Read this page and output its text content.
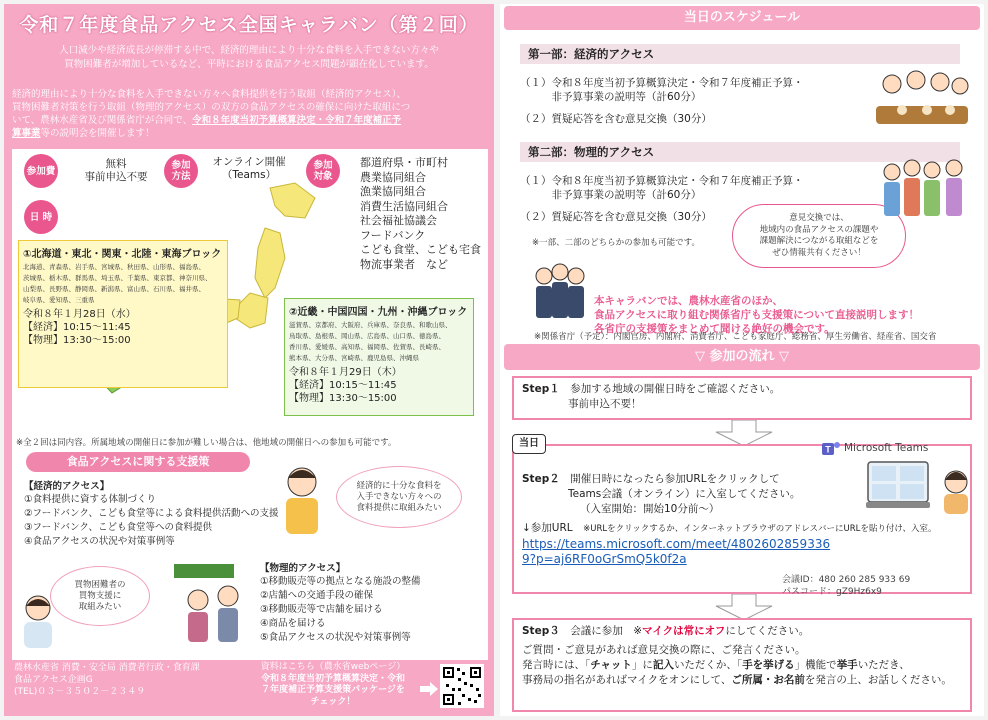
令和７年度食品アクセス全国キャラバン（第２回）
人口減少や経済成長が停滞する中で、経済的理由により十分な食料を入手できない方々や
買物困難者が増加しているなど、平時における食品アクセス問題が顕在化しています。
経済的理由により十分な食料を入手できない方々へ食料提供を行う取組（経済的アクセス）、
買物困難者対策を行う取組（物理的アクセス）の双方の食品アクセスの確保に向けた取組につ
いて、農林水産省及び関係省庁が合同で、令和８年度当初予算概算決定・令和７年度補正予
算事業等の説明会を開催します！
参加費
無料
事前申込不要
参加
方法
オンライン開催
（Teams）
参加
対象
都道府県・市町村
農業協同組合
漁業協同組合
消費生活協同組合
社会福祉協議会
フードバンク
こども食堂、こども宅食
物流事業者　など
日 時
①北海道・東北・関東・北陸・東海ブロック
北海道、青森県、岩手県、宮城県、秋田県、山形県、福島県、
茨城県、栃木県、群馬県、埼玉県、千葉県、東京都、神奈川県、
山梨県、長野県、静岡県、新潟県、富山県、石川県、福井県、
岐阜県、愛知県、三重県
令和８年１月28日（水）
【経済】10:15～11:45
【物理】13:30～15:00
②近畿・中国四国・九州・沖縄ブロック
滋賀県、京都府、大阪府、兵庫県、奈良県、和歌山県、
鳥取県、島根県、岡山県、広島県、山口県、徳島県、
香川県、愛媛県、高知県、福岡県、佐賀県、長崎県、
熊本県、大分県、宮崎県、鹿児島県、沖縄県
令和８年１月29日（木）
【経済】10:15～11:45
【物理】13:30～15:00
※全２回は同内容。所属地域の開催日に参加が難しい場合は、他地域の開催日への参加も可能です。
食品アクセスに関する支援策
【経済的アクセス】
①食料提供に資する体制づくり
②フードバンク、こども食堂等による食料提供活動への支援
③フードバンク、こども食堂等への食料提供
④食品アクセスの状況や対策事例等
経済的に十分な食料を
入手できない方々への
食料提供に取組みたい
買物困難者の
買物支援に
取組みたい
【物理的アクセス】
①移動販売等の拠点となる施設の整備
②店舗への交通手段の確保
③移動販売等で店舗を届ける
④商品を届ける
⑤食品アクセスの状況や対策事例等
農林水産省 消費・安全局 消費者行政・食育課
食品アクセス企画G
(TEL)０３－３５０２－２３４９
資料はこちら（農水省webページ）
令和８年度当初予算概算決定・令和
７年度補正予算支援策パッケージを
チェック！
当日のスケジュール
第一部：経済的アクセス
（１）令和８年度当初予算概算決定・令和７年度補正予算・
　　　非予算事業の説明等（計60分）
（２）質疑応答を含む意見交換（30分）
第二部：物理的アクセス
（１）令和８年度当初予算概算決定・令和７年度補正予算・
　　　非予算事業の説明等（計60分）
（２）質疑応答を含む意見交換（30分）
※一部、二部のどちらかの参加も可能です。
意見交換では、
地域内の食品アクセスの課題や
課題解決につながる取組などを
ぜひ情報共有ください！
本キャラバンでは、農林水産省のほか、
食品アクセスに取り組む関係省庁も支援策について直接説明します！
各省庁の支援策をまとめて聞ける絶好の機会です。
※関係省庁（予定）：内閣官房、内閣府、消費者庁、こども家庭庁、総務省、厚生労働省、経産省、国交省
▽ 参加の流れ ▽
Step１　 参加する地域の開催日時をご確認ください。
事前申込不要！
Step２　 開催日時になったら参加URLをクリックして
Teams会議（オンライン）に入室してください。
（入室開始：開始10分前～）
↓参加URL　 ※URLをクリックするか、インターネットブラウザのアドレスバーにURLを貼り付け、入室。
https://teams.microsoft.com/meet/48026028593369?p=aj6RF0oGrSmQ5k0f2a
会議ID：480 260 285 933 69
パスコード：gZ9Hz6x9
当日
T Microsoft Teams
Step３　 会議に参加　※マイクは常にオフにしてください。
ご質問・ご意見があれば意見交換の際に、ご発言ください。
発言時には、「チャット」に記入いただくか、「手を挙げる」機能で挙手いただき、
事務局の指名があればマイクをオンにして、ご所属・お名前を発言の上、お話しください。
